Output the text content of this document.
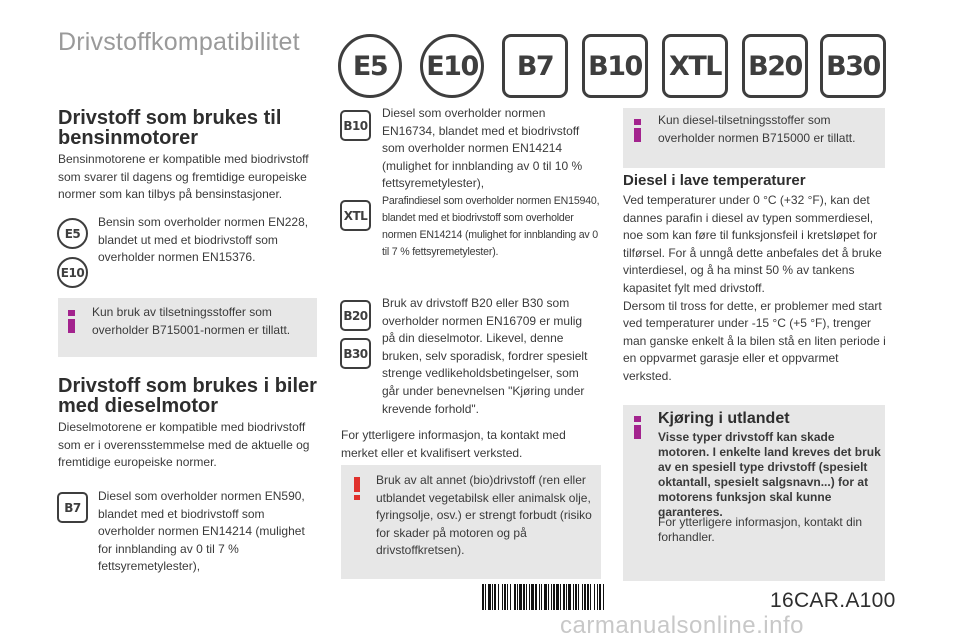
Drivstoffkompatibilitet
E5	E10	B7	B10 XTL B20 B30
Drivstoff som brukes til bensinmotorer
Bensinmotorene er kompatible med biodrivstoff som svarer til dagens og fremtidige europeiske normer som kan tilbys på bensinstasjoner.
E5
E10
Bensin som overholder normen EN228, blandet ut med et biodrivstoff som overholder normen EN15376.
Kun bruk av tilsetningsstoffer som overholder B715001-normen er tillatt.
Drivstoff som brukes i biler med dieselmotor
Dieselmotorene er kompatible med biodrivstoff som er i overensstemmelse med de aktuelle og fremtidige europeiske normer.
B7
Diesel som overholder normen EN590, blandet med et biodrivstoff som overholder normen EN14214 (mulighet for innblanding av 0 til 7 % fettsyremetylester),
B10
Diesel som overholder normen EN16734, blandet med et biodrivstoff som overholder normen EN14214 (mulighet for innblanding av 0 til 10 % fettsyremetylester),
XTL
Parafindiesel som overholder normen EN15940, blandet med et biodrivstoff som overholder normen EN14214 (mulighet for innblanding av 0 til 7 % fettsyremetylester).
B20
B30
Bruk av drivstoff B20 eller B30 som overholder normen EN16709 er mulig på din dieselmotor. Likevel, denne bruken, selv sporadisk, fordrer spesielt strenge vedlikeholdsbetingelser, som går under benevnelsen "Kjøring under krevende forhold".
For ytterligere informasjon, ta kontakt med merket eller et kvalifisert verksted.
Bruk av alt annet (bio)drivstoff (ren eller utblandet vegetabilsk eller animalsk olje, fyringsolje, osv.) er strengt forbudt (risiko for skader på motoren og på drivstoffkretsen).
Kun diesel-tilsetningsstoffer som overholder normen B715000 er tillatt.
Diesel i lave temperaturer
Ved temperaturer under 0 °C (+32 °F), kan det dannes parafin i diesel av typen sommerdiesel, noe som kan føre til funksjonsfeil i kretsløpet for tilførsel. For å unngå dette anbefales det å bruke vinterdiesel, og å ha minst 50 % av tankens kapasitet fylt med drivstoff.
Dersom til tross for dette, er problemer med start ved temperaturer under -15 °C (+5 °F), trenger man ganske enkelt å la bilen stå en liten periode i en oppvarmet garasje eller et oppvarmet verksted.
Kjøring i utlandet
Visse typer drivstoff kan skade motoren. I enkelte land kreves det bruk av en spesiell type drivstoff (spesielt oktantall, spesielt salgsnavn...) for at motorens funksjon skal kunne garanteres.
For ytterligere informasjon, kontakt din forhandler.
16CAR.A100
carmanualsonline.info
